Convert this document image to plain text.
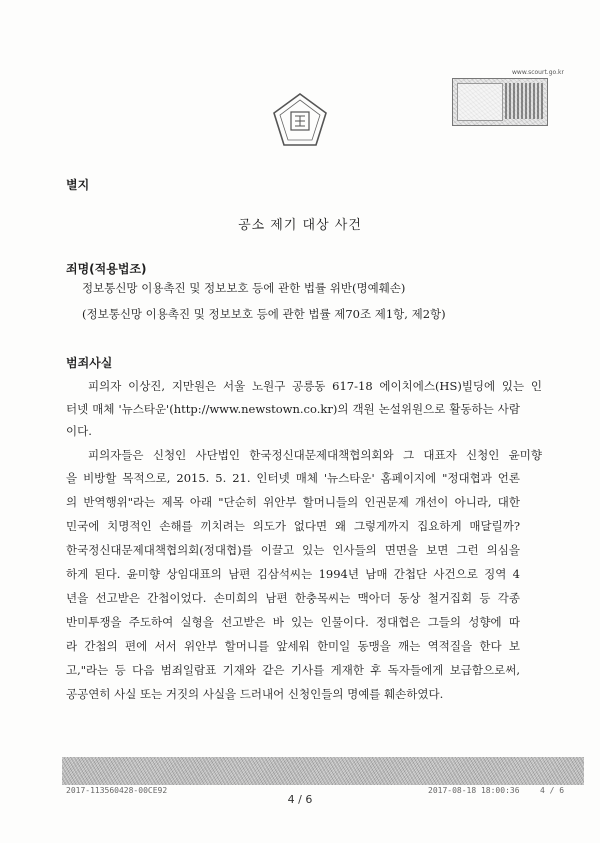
www.scourt.go.kr
별지
공소 제기 대상 사건
죄명(적용법조)
정보통신망 이용촉진 및 정보보호 등에 관한 법률 위반(명예훼손)
(정보통신망 이용촉진 및 정보보호 등에 관한 법률 제70조 제1항, 제2항)
범죄사실
피의자 이상진, 지만원은 서울 노원구 공릉동 617-18 에이치에스(HS)빌딩에 있는 인
터넷 매체 '뉴스타운'(http://www.newstown.co.kr)의 객원 논설위원으로 활동하는 사람
이다.
피의자들은 신청인 사단법인 한국정신대문제대책협의회와 그 대표자 신청인 윤미향
을 비방할 목적으로, 2015. 5. 21. 인터넷 매체 '뉴스타운' 홈페이지에 "정대협과 언론
의 반역행위"라는 제목 아래 "단순히 위안부 할머니들의 인권문제 개선이 아니라, 대한
민국에 치명적인 손해를 끼치려는 의도가 없다면 왜 그렇게까지 집요하게 매달릴까?
한국정신대문제대책협의회(정대협)를 이끌고 있는 인사들의 면면을 보면 그런 의심을
하게 된다. 윤미향 상임대표의 남편 김삼석씨는 1994년 남매 간첩단 사건으로 징역 4
년을 선고받은 간첩이었다. 손미희의 남편 한충목씨는 맥아더 동상 철거집회 등 각종
반미투쟁을 주도하여 실형을 선고받은 바 있는 인물이다. 정대협은 그들의 성향에 따
라 간첩의 편에 서서 위안부 할머니를 앞세워 한미일 동맹을 깨는 역적질을 한다 보
고,"라는 등 다음 범죄일람표 기재와 같은 기사를 게재한 후 독자들에게 보급함으로써,
공공연히 사실 또는 거짓의 사실을 드러내어 신청인들의 명예를 훼손하였다.
2017-113560428-00CE92	2017-08-18 18:00:36	4 / 6
4 / 6
